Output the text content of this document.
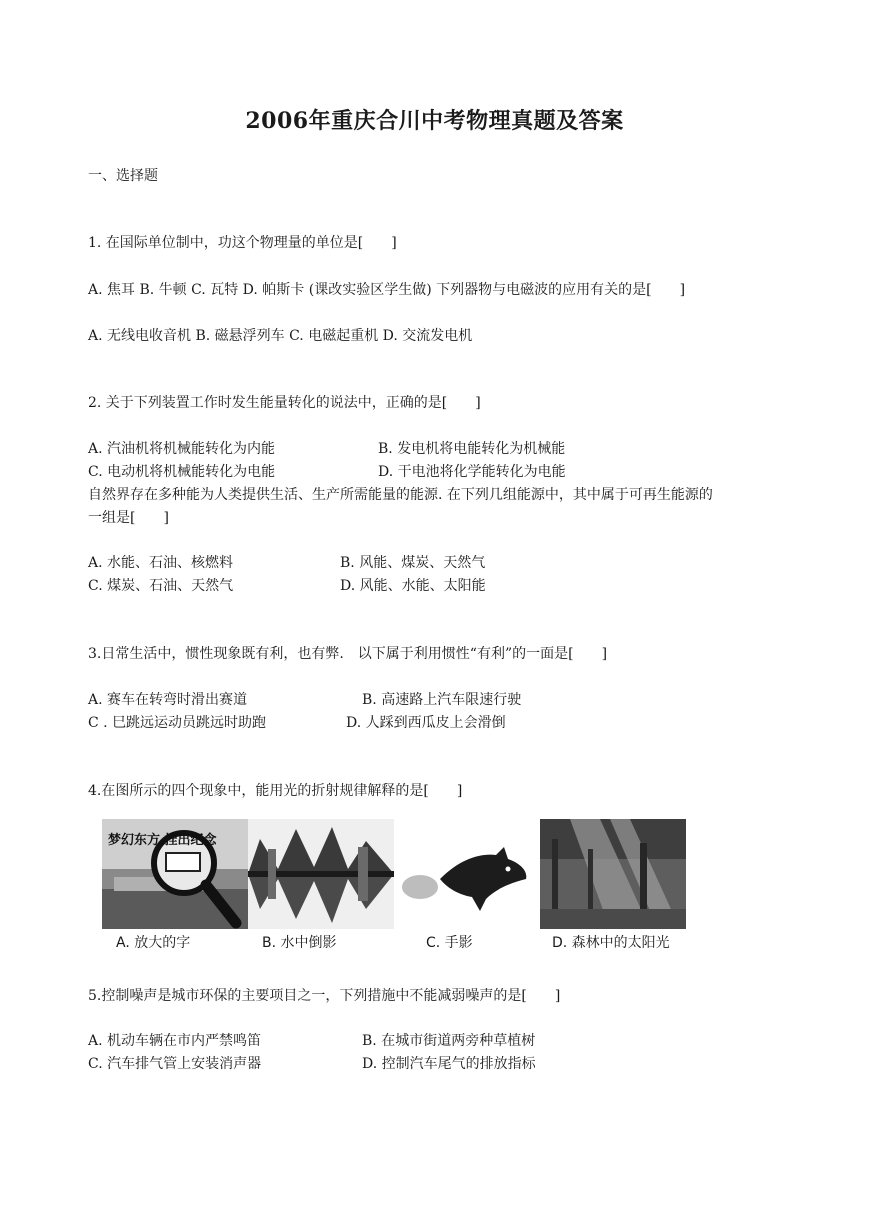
2006年重庆合川中考物理真题及答案
一、选择题
1. 在国际单位制中，功这个物理量的单位是[　　]
A. 焦耳 B. 牛顿 C. 瓦特 D. 帕斯卡 (课改实验区学生做) 下列器物与电磁波的应用有关的是[　　]
A. 无线电收音机 B. 磁悬浮列车 C. 电磁起重机 D. 交流发电机
2. 关于下列装置工作时发生能量转化的说法中，正确的是[　　]
A. 汽油机将机械能转化为内能	B. 发电机将电能转化为机械能
C. 电动机将机械能转化为电能	D. 干电池将化学能转化为电能
自然界存在多种能为人类提供生活、生产所需能量的能源. 在下列几组能源中，其中属于可再生能源的
一组是[　　]
A. 水能、石油、核燃料	B. 风能、煤炭、天然气
C. 煤炭、石油、天然气	D. 风能、水能、太阳能
3.日常生活中，惯性现象既有利，也有弊.　以下属于利用惯性“有利”的一面是[　　]
A. 赛车在转弯时滑出赛道	B. 高速路上汽车限速行驶
C . 巳跳远运动员跳远时助跑	D. 人踩到西瓜皮上会滑倒
4.在图所示的四个现象中，能用光的折射规律解释的是[　　]
梦幻东方 挂出纪念
A. 放大的字	B. 水中倒影	C. 手影	D. 森林中的太阳光
5.控制噪声是城市环保的主要项目之一，下列措施中不能减弱噪声的是[　　]
A. 机动车辆在市内严禁鸣笛	B. 在城市街道两旁种草植树
C. 汽车排气管上安装消声器	D. 控制汽车尾气的排放指标
